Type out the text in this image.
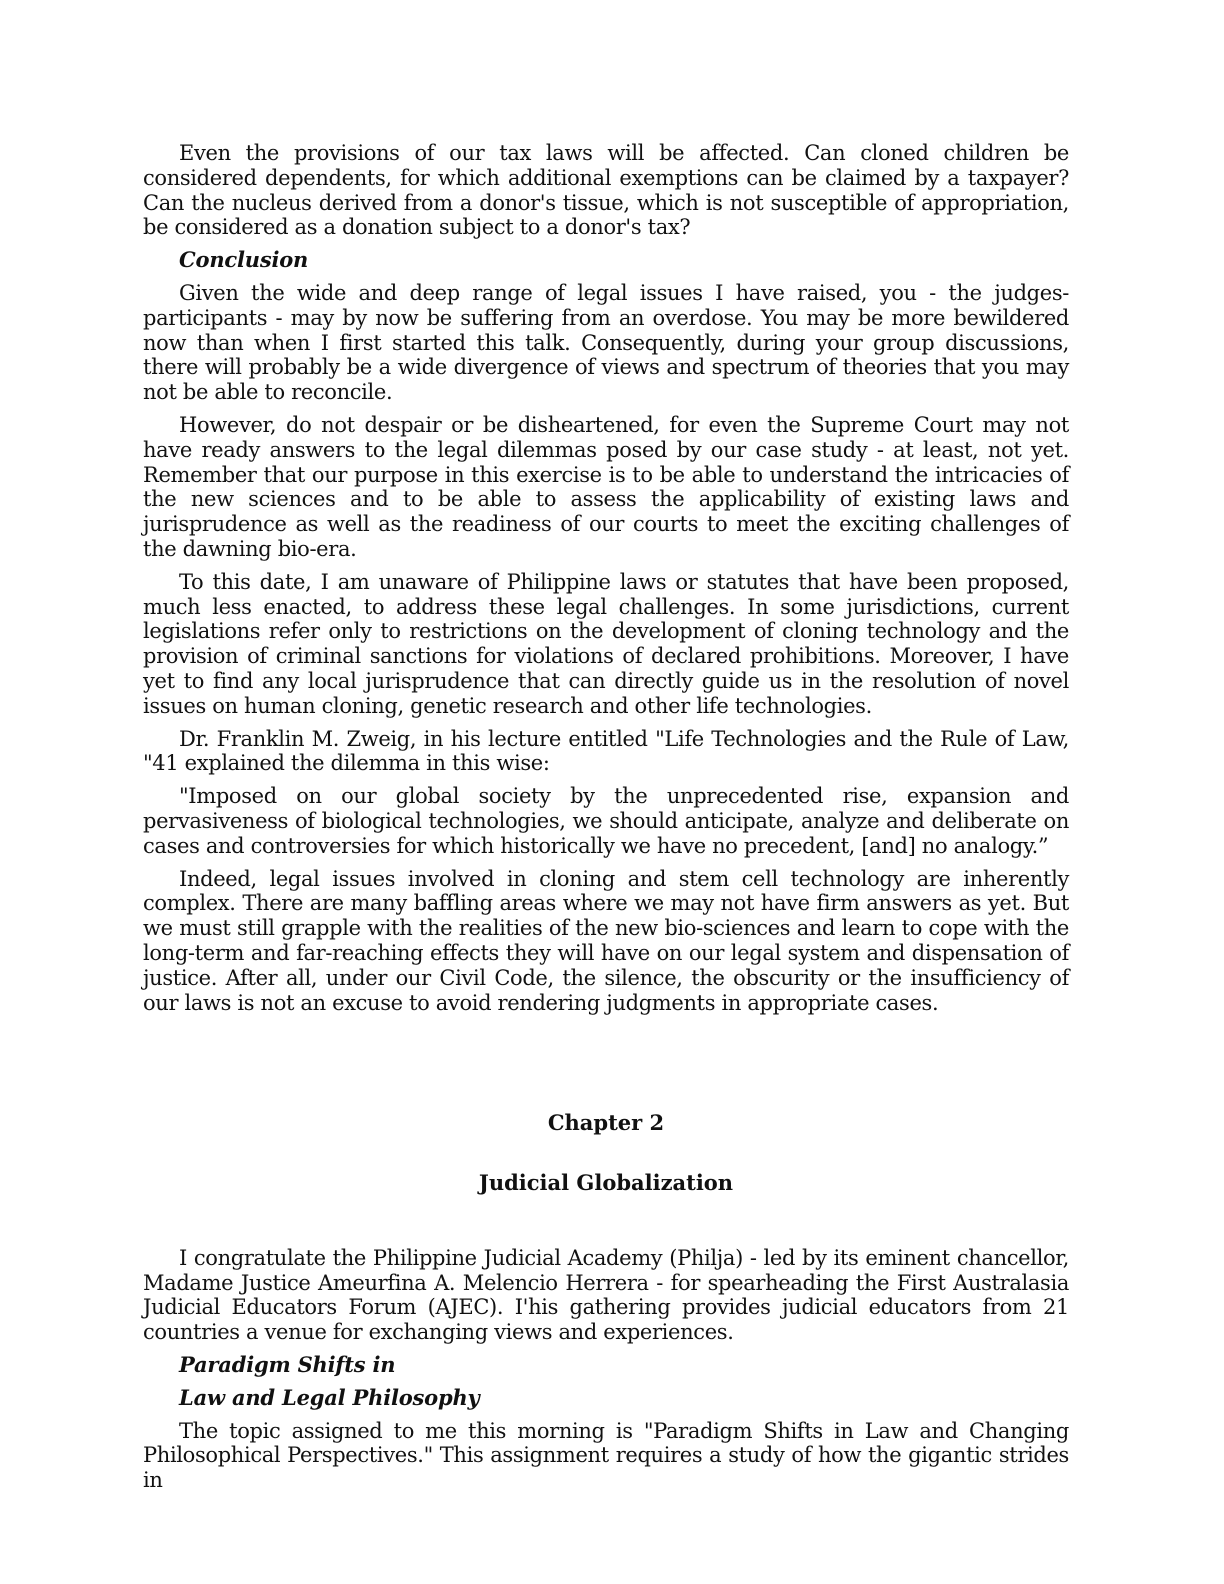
Even the provisions of our tax laws will be affected. Can cloned children be considered dependents, for which additional exemptions can be claimed by a taxpayer? Can the nucleus derived from a donor's tissue, which is not susceptible of appropriation, be considered as a donation subject to a donor's tax?

Conclusion

Given the wide and deep range of legal issues I have raised, you - the judges-participants - may by now be suffering from an overdose. You may be more bewildered now than when I first started this talk. Consequently, during your group discussions, there will probably be a wide divergence of views and spectrum of theories that you may not be able to reconcile.

However, do not despair or be disheartened, for even the Supreme Court may not have ready answers to the legal dilemmas posed by our case study - at least, not yet. Remember that our purpose in this exercise is to be able to understand the intricacies of the new sciences and to be able to assess the applicability of existing laws and jurisprudence as well as the readiness of our courts to meet the exciting challenges of the dawning bio-era.

To this date, I am unaware of Philippine laws or statutes that have been proposed, much less enacted, to address these legal challenges. In some jurisdictions, current legislations refer only to restrictions on the development of cloning technology and the provision of criminal sanctions for violations of declared prohibitions. Moreover, I have yet to find any local jurisprudence that can directly guide us in the resolution of novel issues on human cloning, genetic research and other life technologies.

Dr. Franklin M. Zweig, in his lecture entitled "Life Technologies and the Rule of Law, "41 explained the dilemma in this wise:

"Imposed on our global society by the unprecedented rise, expansion and pervasiveness of biological technologies, we should anticipate, analyze and deliberate on cases and controversies for which historically we have no precedent, [and] no analogy.”

Indeed, legal issues involved in cloning and stem cell technology are inherently complex. There are many baffling areas where we may not have firm answers as yet. But we must still grapple with the realities of the new bio-sciences and learn to cope with the long-term and far-reaching effects they will have on our legal system and dispensation of justice. After all, under our Civil Code, the silence, the obscurity or the insufficiency of our laws is not an excuse to avoid rendering judgments in appropriate cases.

Chapter 2

Judicial Globalization

I congratulate the Philippine Judicial Academy (Philja) - led by its eminent chancellor, Madame Justice Ameurfina A. Melencio Herrera - for spearheading the First Australasia Judicial Educators Forum (AJEC). I'his gathering provides judicial educators from 21 countries a venue for exchanging views and experiences.

Paradigm Shifts in
Law and Legal Philosophy

The topic assigned to me this morning is "Paradigm Shifts in Law and Changing Philosophical Perspectives." This assignment requires a study of how the gigantic strides in
